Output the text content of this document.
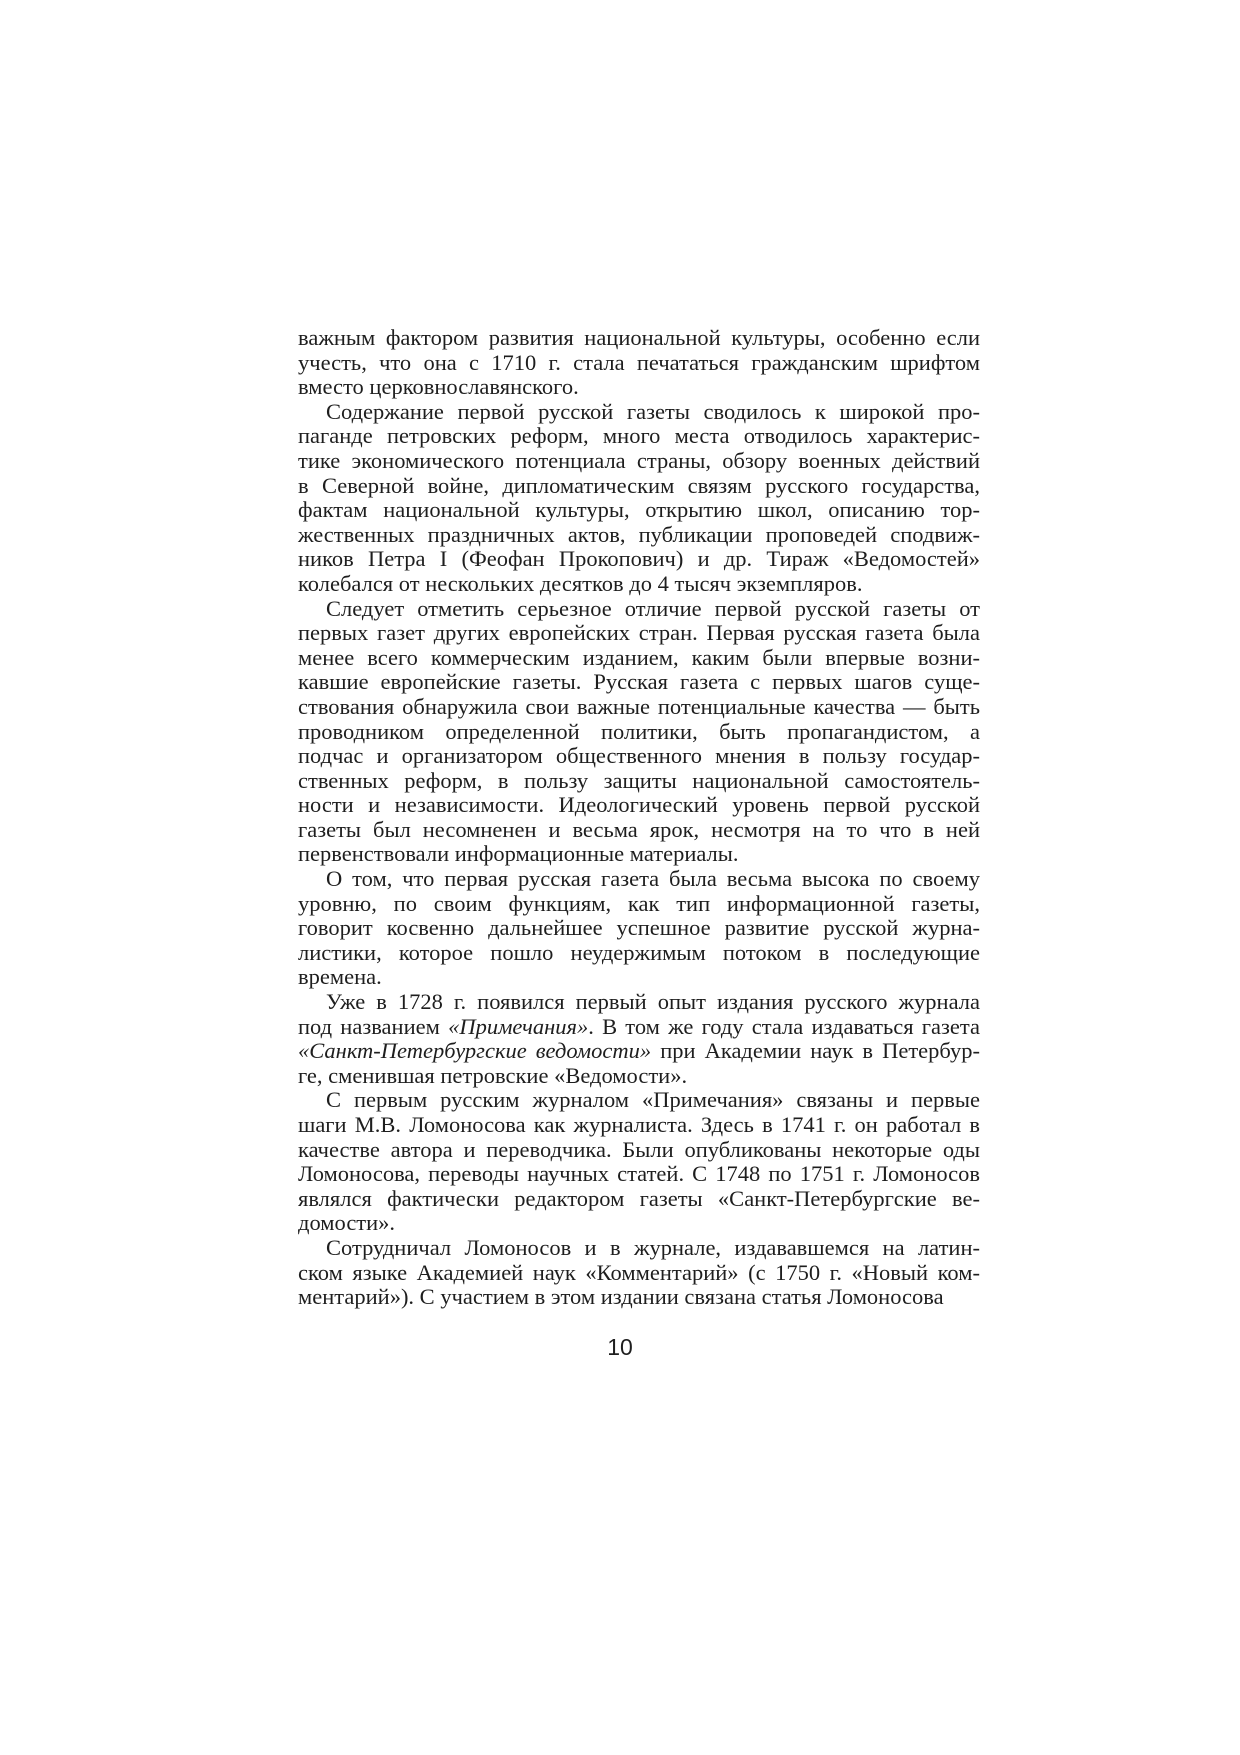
важным фактором развития национальной культуры, особенно если
учесть, что она с 1710 г. стала печататься гражданским шрифтом
вместо церковнославянского.
Содержание первой русской газеты сводилось к широкой про-
паганде петровских реформ, много места отводилось характерис-
тике экономического потенциала страны, обзору военных действий
в Северной войне, дипломатическим связям русского государства,
фактам национальной культуры, открытию школ, описанию тор-
жественных праздничных актов, публикации проповедей сподвиж-
ников Петра I (Феофан Прокопович) и др. Тираж «Ведомостей»
колебался от нескольких десятков до 4 тысяч экземпляров.
Следует отметить серьезное отличие первой русской газеты от
первых газет других европейских стран. Первая русская газета была
менее всего коммерческим изданием, каким были впервые возни-
кавшие европейские газеты. Русская газета с первых шагов суще-
ствования обнаружила свои важные потенциальные качества — быть
проводником определенной политики, быть пропагандистом, а
подчас и организатором общественного мнения в пользу государ-
ственных реформ, в пользу защиты национальной самостоятель-
ности и независимости. Идеологический уровень первой русской
газеты был несомненен и весьма ярок, несмотря на то что в ней
первенствовали информационные материалы.
О том, что первая русская газета была весьма высока по своему
уровню, по своим функциям, как тип информационной газеты,
говорит косвенно дальнейшее успешное развитие русской журна-
листики, которое пошло неудержимым потоком в последующие
времена.
Уже в 1728 г. появился первый опыт издания русского журнала
под названием «Примечания». В том же году стала издаваться газета
«Санкт-Петербургские ведомости» при Академии наук в Петербур-
ге, сменившая петровские «Ведомости».
С первым русским журналом «Примечания» связаны и первые
шаги М.В. Ломоносова как журналиста. Здесь в 1741 г. он работал в
качестве автора и переводчика. Были опубликованы некоторые оды
Ломоносова, переводы научных статей. С 1748 по 1751 г. Ломоносов
являлся фактически редактором газеты «Санкт-Петербургские ве-
домости».
Сотрудничал Ломоносов и в журнале, издававшемся на латин-
ском языке Академией наук «Комментарий» (с 1750 г. «Новый ком-
ментарий»). С участием в этом издании связана статья Ломоносова
10
